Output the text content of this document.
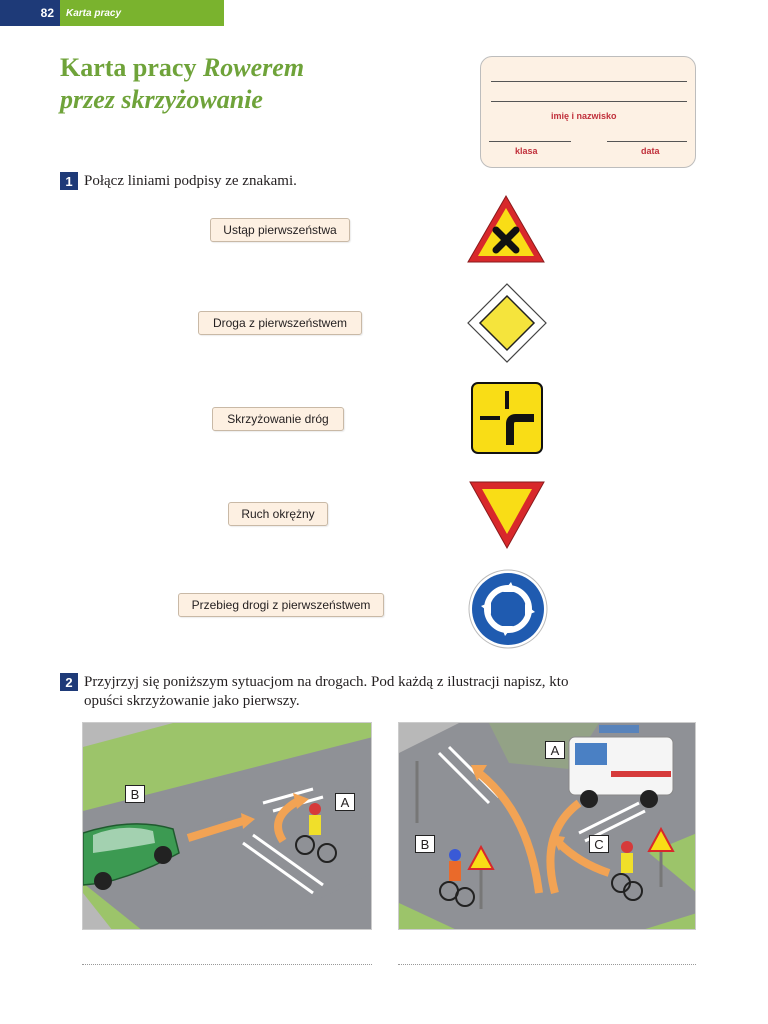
82	Karta pracy
Karta pracy Rowerem
przez skrzyżowanie
imię i nazwisko
klasa	data
1 Połącz liniami podpisy ze znakami.
Ustąp pierwszeństwa
Droga z pierwszeństwem
Skrzyżowanie dróg
Ruch okrężny
Przebieg drogi z pierwszeństwem
2 Przyjrzyj się poniższym sytuacjom na drogach. Pod każdą z ilustracji napisz, kto
opuści skrzyżowanie jako pierwszy.
B
A
A
B	C
